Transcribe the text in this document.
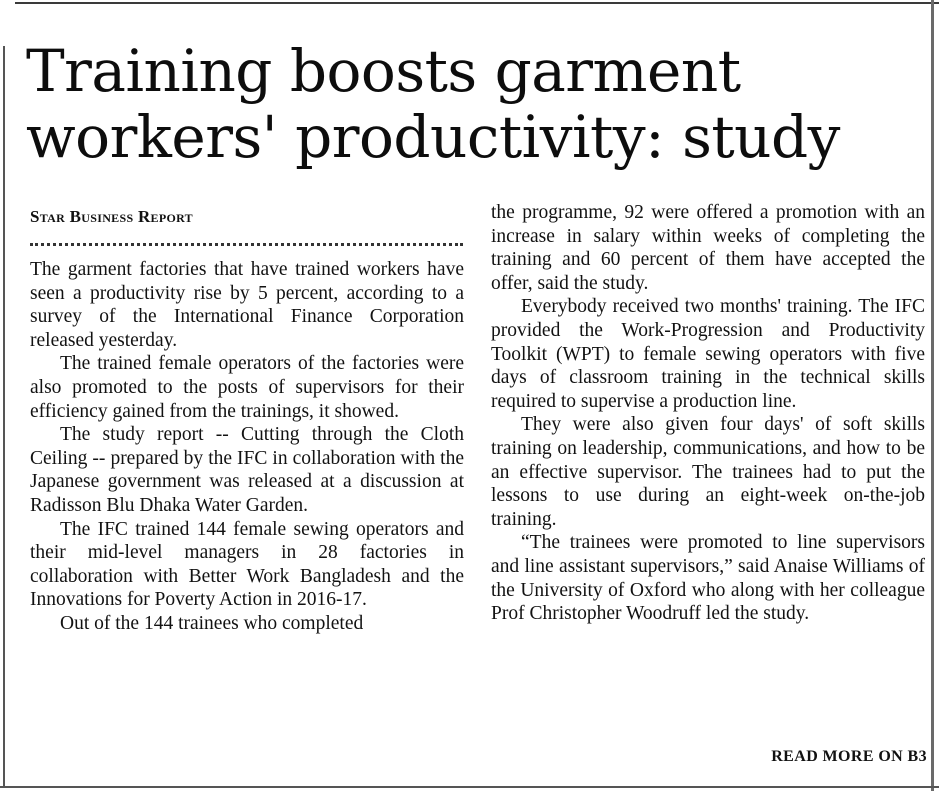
Training boosts garment
workers' productivity: study
Star Business Report

The garment factories that have trained workers have seen a productivity rise by 5 percent, according to a survey of the International Finance Corporation released yesterday.

The trained female operators of the factories were also promoted to the posts of supervisors for their efficiency gained from the trainings, it showed.

The study report -- Cutting through the Cloth Ceiling -- prepared by the IFC in collaboration with the Japanese government was released at a discussion at Radisson Blu Dhaka Water Garden.

The IFC trained 144 female sewing operators and their mid-level managers in 28 factories in collaboration with Better Work Bangladesh and the Innovations for Poverty Action in 2016-17.

Out of the 144 trainees who completed

the programme, 92 were offered a promotion with an increase in salary within weeks of completing the training and 60 percent of them have accepted the offer, said the study.

Everybody received two months' training. The IFC provided the Work-Progression and Productivity Toolkit (WPT) to female sewing operators with five days of classroom training in the technical skills required to supervise a production line.

They were also given four days' of soft skills training on leadership, communications, and how to be an effective supervisor. The trainees had to put the lessons to use during an eight-week on-the-job training.

“The trainees were promoted to line supervisors and line assistant supervisors,” said Anaise Williams of the University of Oxford who along with her colleague Prof Christopher Woodruff led the study.

READ MORE ON B3
